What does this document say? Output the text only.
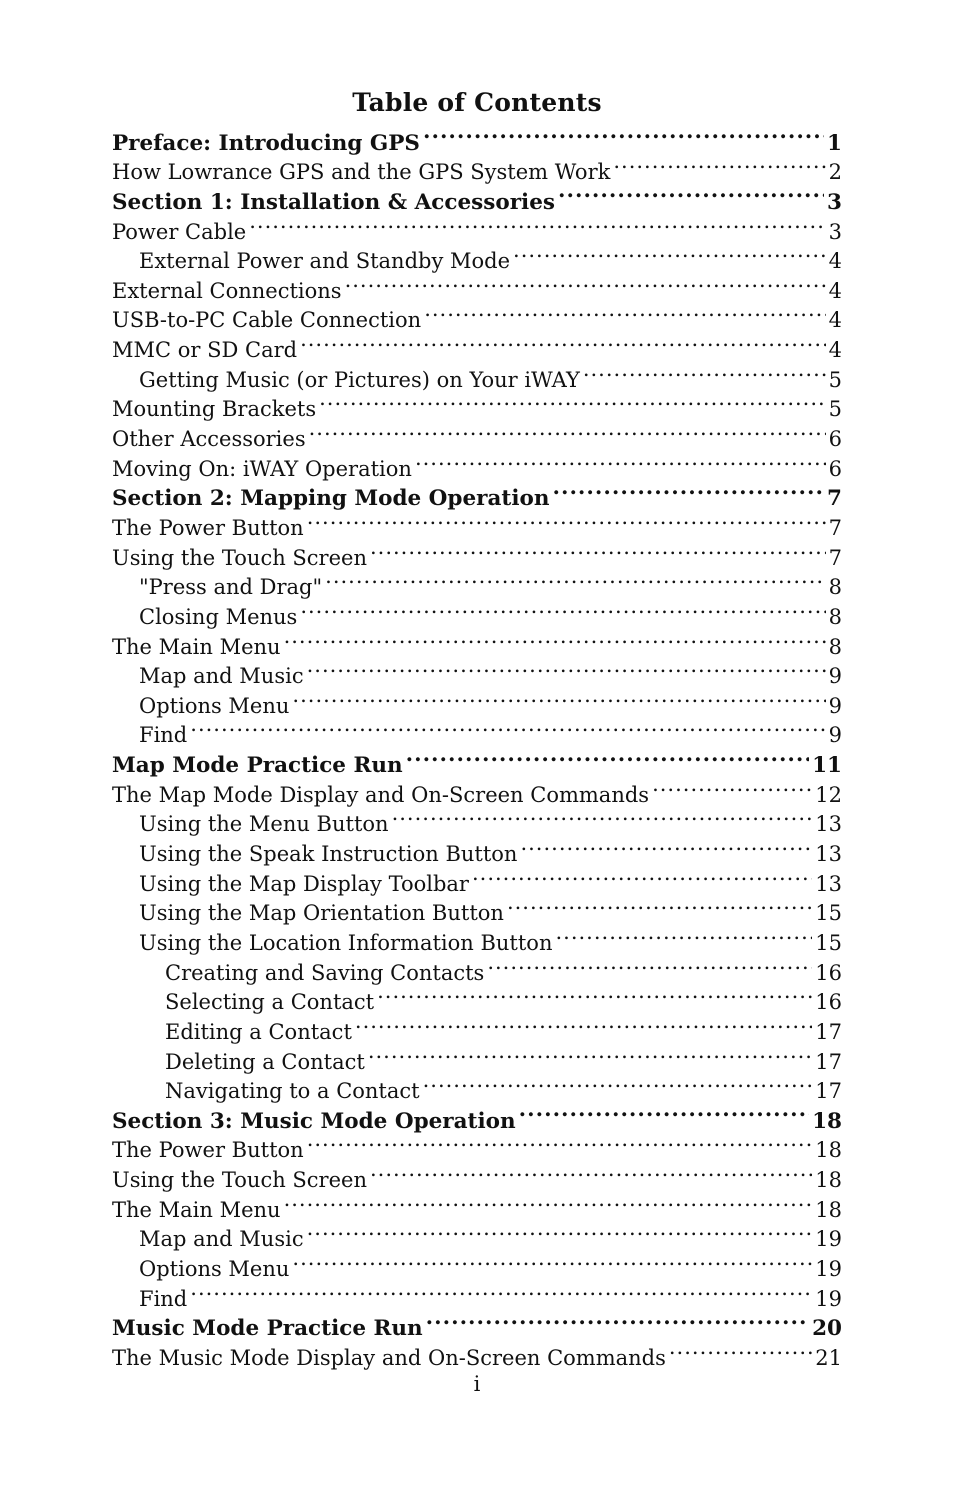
Table of Contents
Preface: Introducing GPS .....	1
How Lowrance GPS and the GPS System Work .....	2
Section 1: Installation & Accessories .....	3
Power Cable .....	3
External Power and Standby Mode .....	4
External Connections .....	4
USB-to-PC Cable Connection .....	4
MMC or SD Card .....	4
Getting Music (or Pictures) on Your iWAY .....	5
Mounting Brackets .....	5
Other Accessories .....	6
Moving On: iWAY Operation .....	6
Section 2: Mapping Mode Operation .....	7
The Power Button .....	7
Using the Touch Screen .....	7
"Press and Drag" .....	8
Closing Menus .....	8
The Main Menu .....	8
Map and Music .....	9
Options Menu .....	9
Find .....	9
Map Mode Practice Run .....	11
The Map Mode Display and On-Screen Commands .....	12
Using the Menu Button .....	13
Using the Speak Instruction Button .....	13
Using the Map Display Toolbar .....	13
Using the Map Orientation Button .....	15
Using the Location Information Button .....	15
Creating and Saving Contacts .....	16
Selecting a Contact .....	16
Editing a Contact .....	17
Deleting a Contact .....	17
Navigating to a Contact .....	17
Section 3: Music Mode Operation .....	18
The Power Button .....	18
Using the Touch Screen .....	18
The Main Menu .....	18
Map and Music .....	19
Options Menu .....	19
Find .....	19
Music Mode Practice Run .....	20
The Music Mode Display and On-Screen Commands .....	21
i
